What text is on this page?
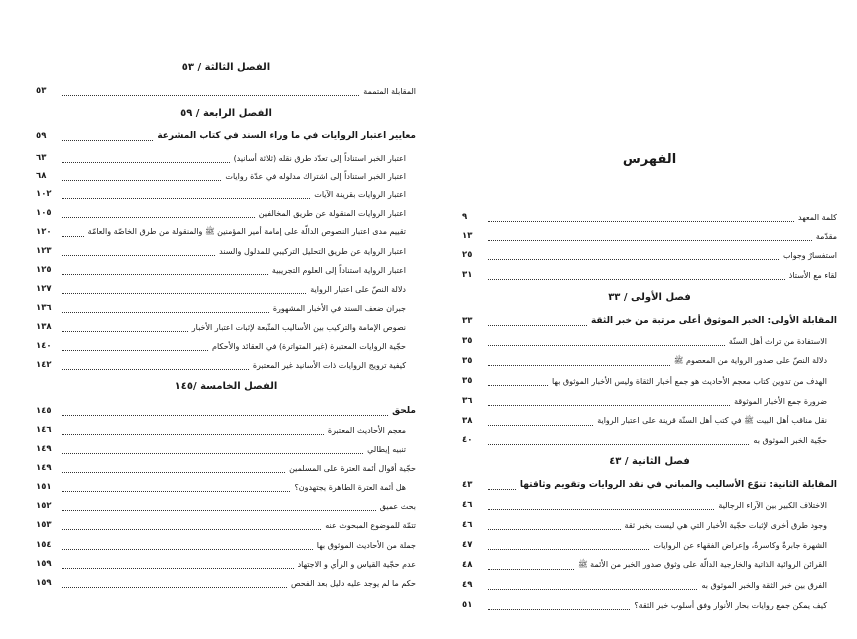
الفصل الثالثة / ٥٣
المقابلة المتممة
٥٣
الفصل الرابعة / ٥٩
معايير اعتبار الروايات في ما وراء السند في كتاب المشرعة
٥٩
اعتبار الخبر استناداً إلى تعدّد طرق نقله (ثلاثة أسانيد)
٦٣
اعتبار الخبر استناداً إلى اشتراك مدلوله في عدّة روايات
٦٨
اعتبار الروايات بقرينة الآيات
١٠٢
اعتبار الروايات المنقولة عن طريق المخالفين
١٠٥
تقييم مدى اعتبار النصوص الدالّة على إمامة أمير المؤمنين ﷺ والمنقولة من طرق الخاصّة والعامّة
١٢٠
اعتبار الرواية عن طريق التحليل التركيبي للمدلول والسند
١٢٣
اعتبار الرواية استناداً إلى العلوم التجريبية
١٢٥
دلالة النصّ على اعتبار الرواية
١٢٧
جبران ضعف السند في الأخبار المشهورة
١٣٦
نصوص الإمامة والتركيب بين الأساليب المتّبعة لإثبات اعتبار الأخبار
١٣٨
حجّية الروايات المعتبرة (غير المتواترة) في العقائد والأحكام
١٤٠
كيفية ترويج الروايات ذات الأسانيد غير المعتبرة
١٤٢
الفصل الخامسة /١٤٥
ملحق
١٤٥
معجم الأحاديث المعتبرة
١٤٦
تنبيه إيطالي
١٤٩
حجّية أقوال أئمة العترة على المسلمين
١٤٩
هل أئمة العترة الطاهرة يجتهدون؟
١٥١
بحث عميق
١٥٢
تتمّة للموضوع المبحوث عنه
١٥٣
جملة من الأحاديث الموثوق بها
١٥٤
عدم حجّية القياس و الرأي و الاجتهاد
١٥٩
حكم ما لم يوجد عليه دليل بعد الفحص
١٥٩
الفهرس
كلمة المعهد
٩
مقدّمة
١٣
استفسارٌ وجواب
٢٥
لقاء مع الأستاذ
٣١
فصل الأولى / ٣٣
المقابلة الأولى: الخبر الموثوق أعلى مرتبة من خبر الثقة
٣٣
الاستفادة من تراث أهل السنّة
٣٥
دلالة النصّ على صدور الرواية من المعصوم ﷺ
٣٥
الهدف من تدوين كتاب معجم الأحاديث هو جمع أخبار الثقاة وليس الأخبار الموثوق بها
٣٥
ضرورة جمع الأخبار الموثوقة
٣٦
نقل مناقب أهل البيت ﷺ في كتب أهل السنّة قرينة على اعتبار الرواية
٣٨
حجّية الخبر الموثوق به
٤٠
فصل الثانية / ٤٣
المقابلة الثانية: تنوّع الأساليب والمباني في نقد الروايات وتقويم وثاقتها
٤٣
الاختلاف الكبير بين الآراء الرجالية
٤٦
وجود طرق أخرى لإثبات حجّية الأخبار التي هي ليست بخبر ثقة
٤٦
الشهرة جابرةٌ وكاسرةٌ، وإعراض الفقهاء عن الروايات
٤٧
القرائن الروائية الذاتية والخارجية الدالّة على وثوق صدور الخبر من الأئمة ﷺ
٤٨
الفرق بين خبر الثقة والخبر الموثوق به
٤٩
كيف يمكن جمع روايات بحار الأنوار وفق أسلوب خبر الثقة؟
٥١
